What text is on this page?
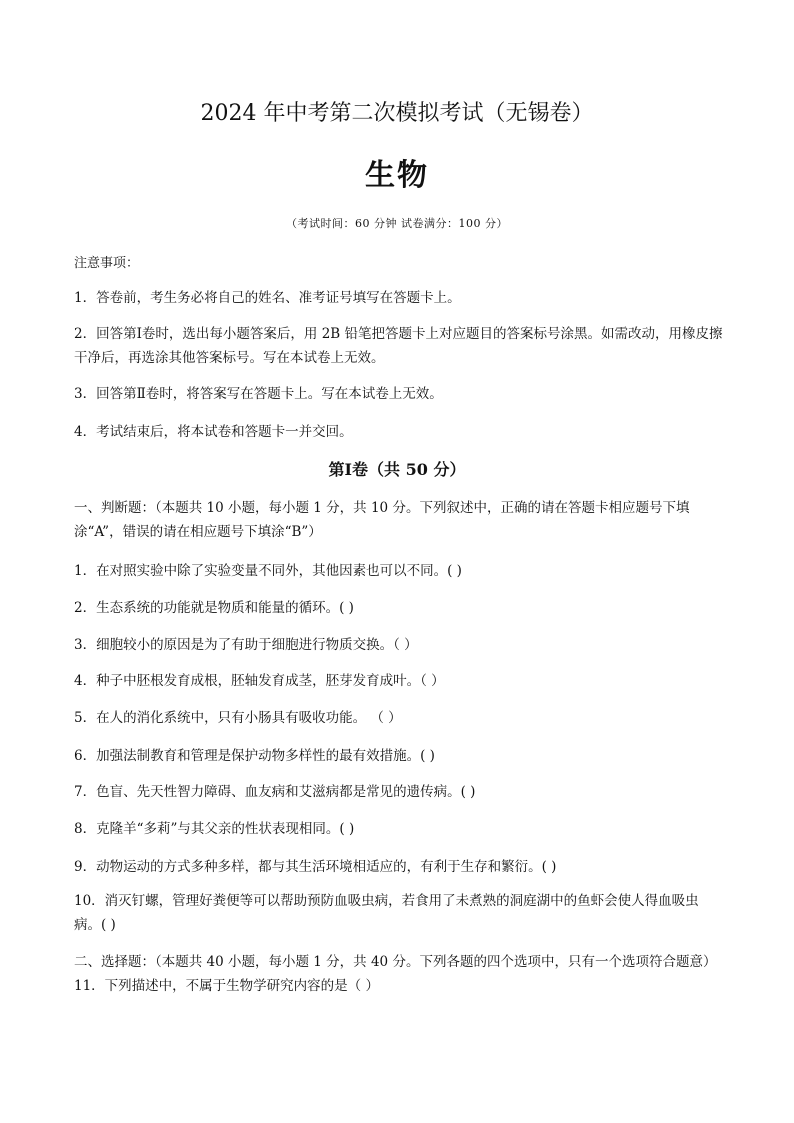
2024 年中考第二次模拟考试（无锡卷）
生物
（考试时间：60 分钟 试卷满分：100 分）
注意事项：
1．答卷前，考生务必将自己的姓名、准考证号填写在答题卡上。
2．回答第Ⅰ卷时，选出每小题答案后，用 2B 铅笔把答题卡上对应题目的答案标号涂黑。如需改动，用橡皮擦干净后，再选涂其他答案标号。写在本试卷上无效。
3．回答第Ⅱ卷时，将答案写在答题卡上。写在本试卷上无效。
4．考试结束后，将本试卷和答题卡一并交回。
第Ⅰ卷（共 50 分）
一、判断题：（本题共 10 小题，每小题 1 分，共 10 分。下列叙述中，正确的请在答题卡相应题号下填涂“A”，错误的请在相应题号下填涂“B”）
1．在对照实验中除了实验变量不同外，其他因素也可以不同。( )
2．生态系统的功能就是物质和能量的循环。( )
3．细胞较小的原因是为了有助于细胞进行物质交换。（ ）
4．种子中胚根发育成根，胚轴发育成茎，胚芽发育成叶。（ ）
5．在人的消化系统中，只有小肠具有吸收功能。 （ ）
6．加强法制教育和管理是保护动物多样性的最有效措施。( )
7．色盲、先天性智力障碍、血友病和艾滋病都是常见的遗传病。( )
8．克隆羊“多莉”与其父亲的性状表现相同。( )
9．动物运动的方式多种多样，都与其生活环境相适应的，有利于生存和繁衍。( )
10．消灭钉螺，管理好粪便等可以帮助预防血吸虫病，若食用了未煮熟的洞庭湖中的鱼虾会使人得血吸虫病。( )
二、选择题：（本题共 40 小题，每小题 1 分，共 40 分。下列各题的四个选项中，只有一个选项符合题意）
11．下列描述中，不属于生物学研究内容的是（ ）
